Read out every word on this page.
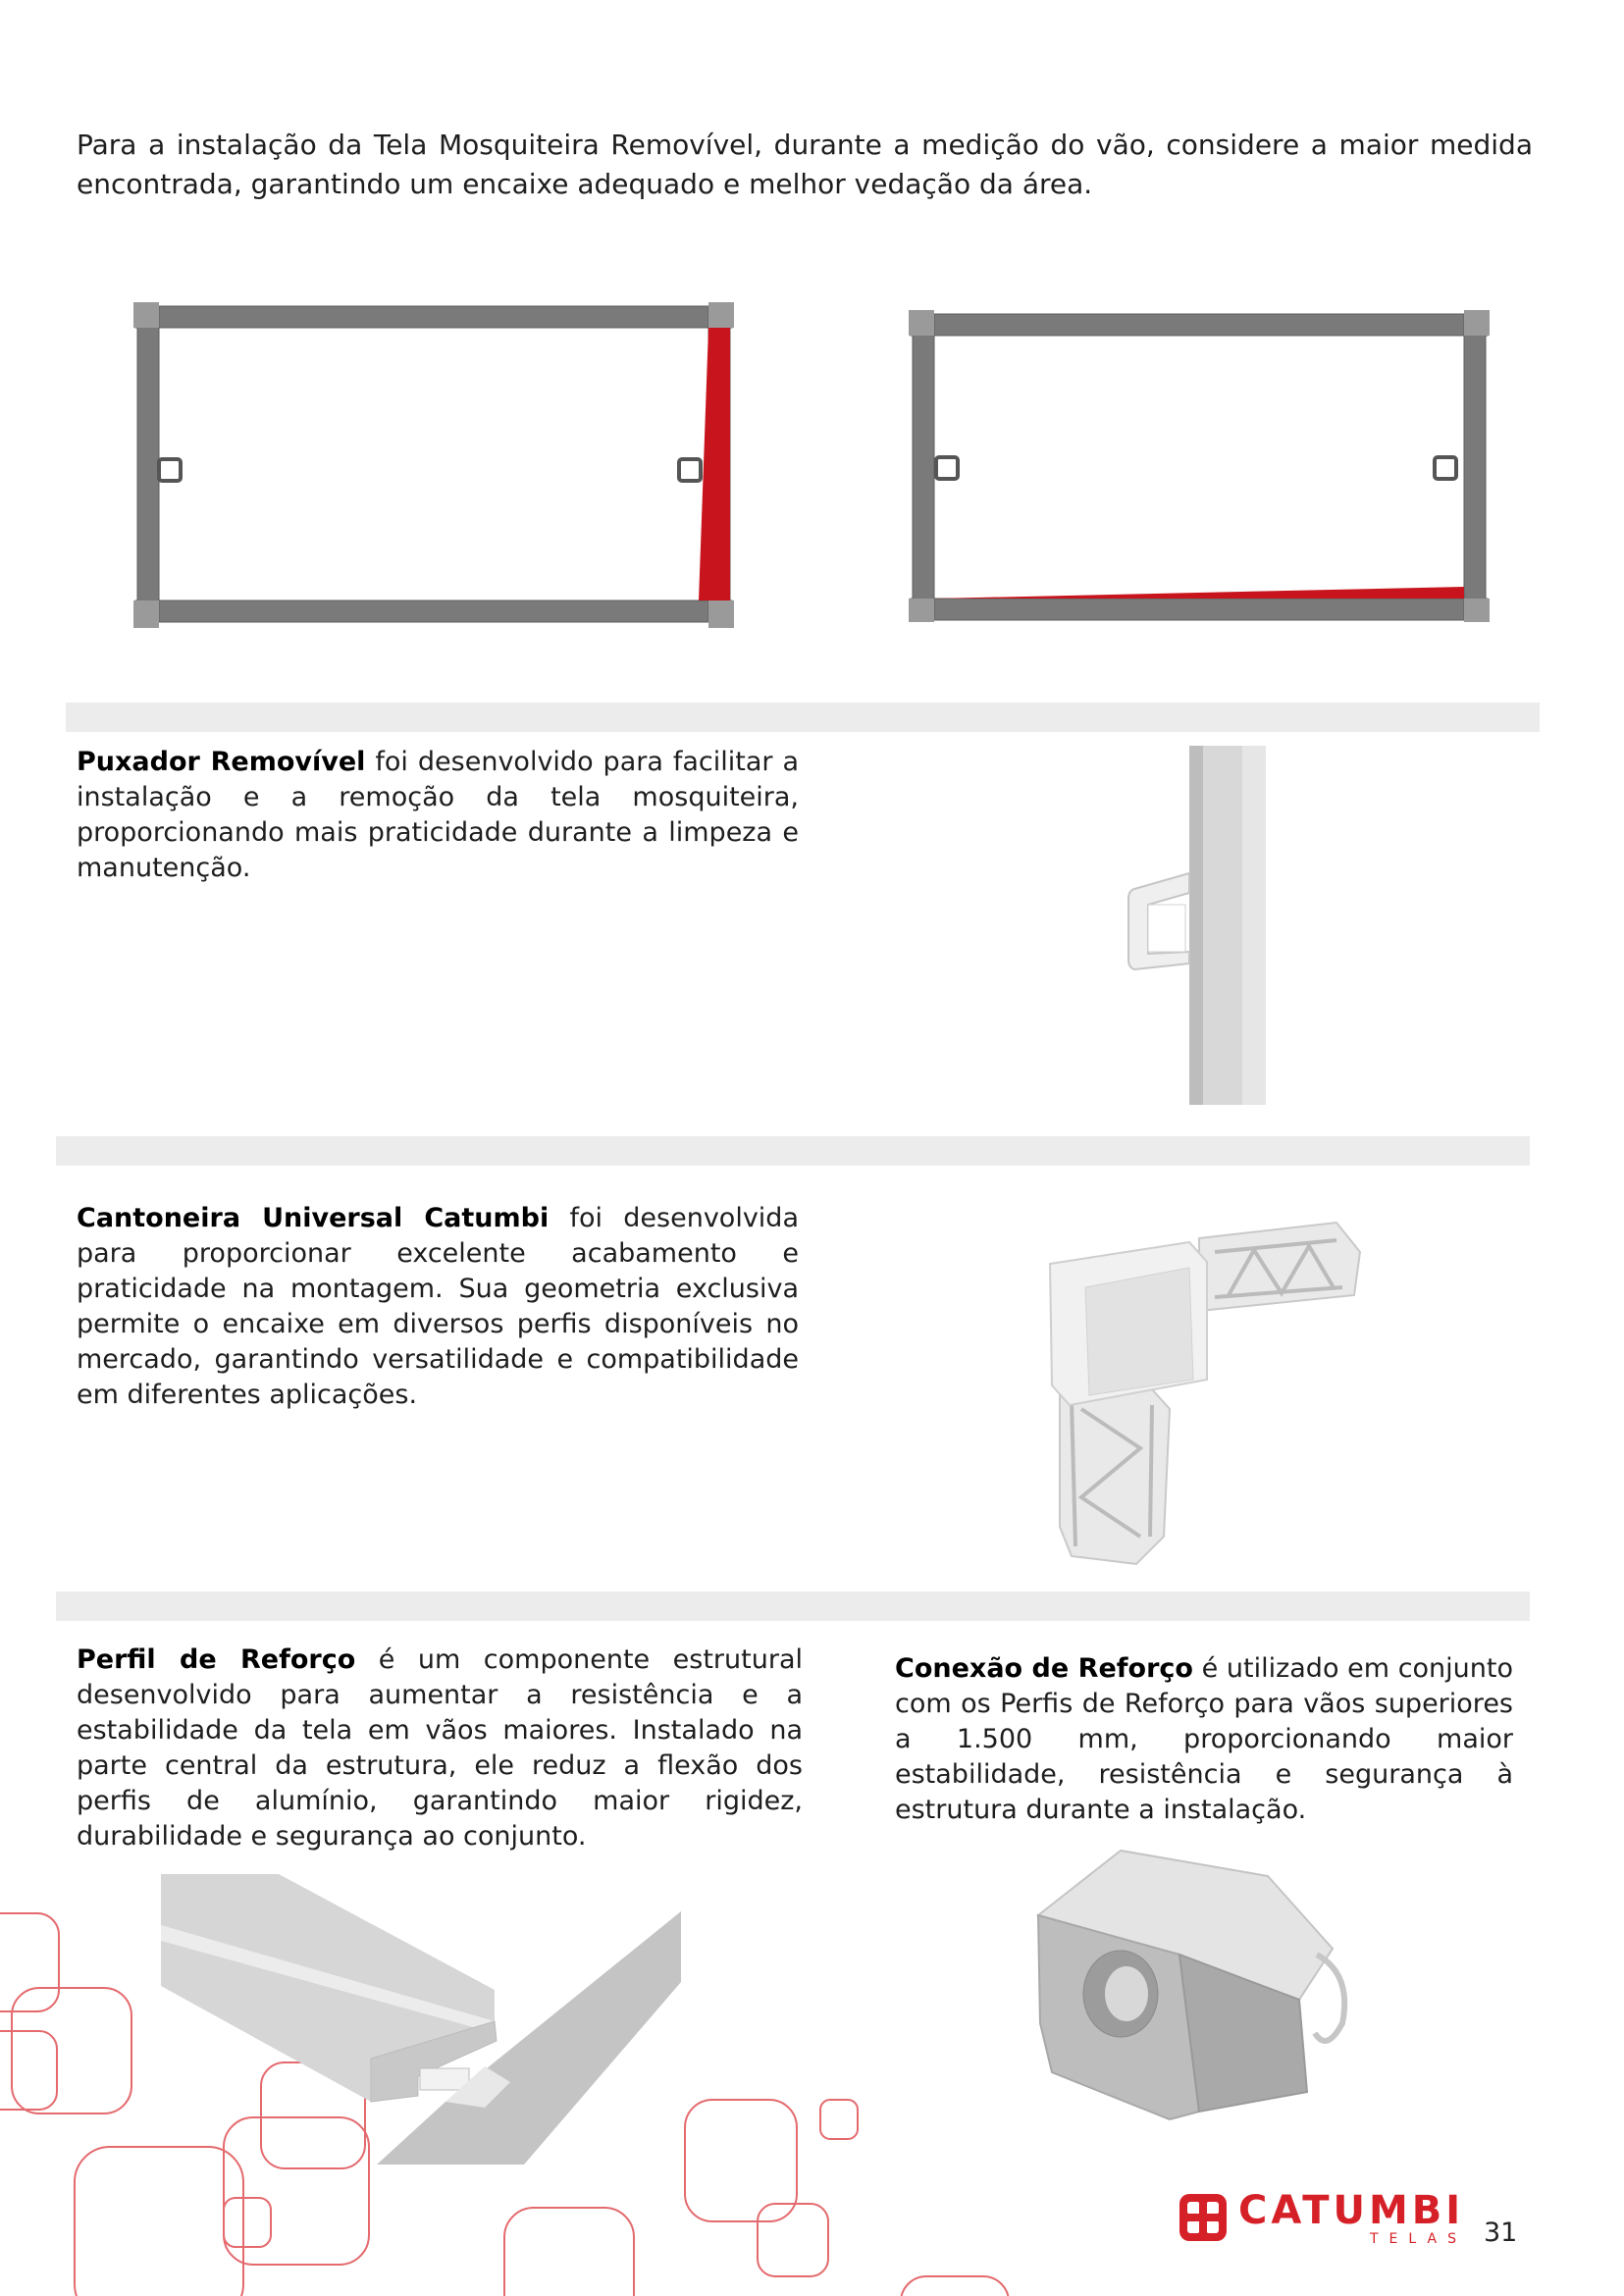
Para a instalação da Tela Mosquiteira Removível, durante a medição do vão, considere a maior medida encontrada, garantindo um encaixe adequado e melhor vedação da área.

Puxador Removível foi desenvolvido para facilitar a instalação e a remoção da tela mosquiteira, proporcionando mais praticidade durante a limpeza e manutenção.

Cantoneira Universal Catumbi foi desenvolvida para proporcionar excelente acabamento e praticidade na montagem. Sua geometria exclusiva permite o encaixe em diversos perfis disponíveis no mercado, garantindo versatilidade e compatibilidade em diferentes aplicações.

Perfil de Reforço é um componente estrutural desenvolvido para aumentar a resistência e a estabilidade da tela em vãos maiores. Instalado na parte central da estrutura, ele reduz a flexão dos perfis de alumínio, garantindo maior rigidez, durabilidade e segurança ao conjunto.

Conexão de Reforço é utilizado em conjunto com os Perfis de Reforço para vãos superiores a 1.500 mm, proporcionando maior estabilidade, resistência e segurança à estrutura durante a instalação.

CATUMBI
TELAS 31
